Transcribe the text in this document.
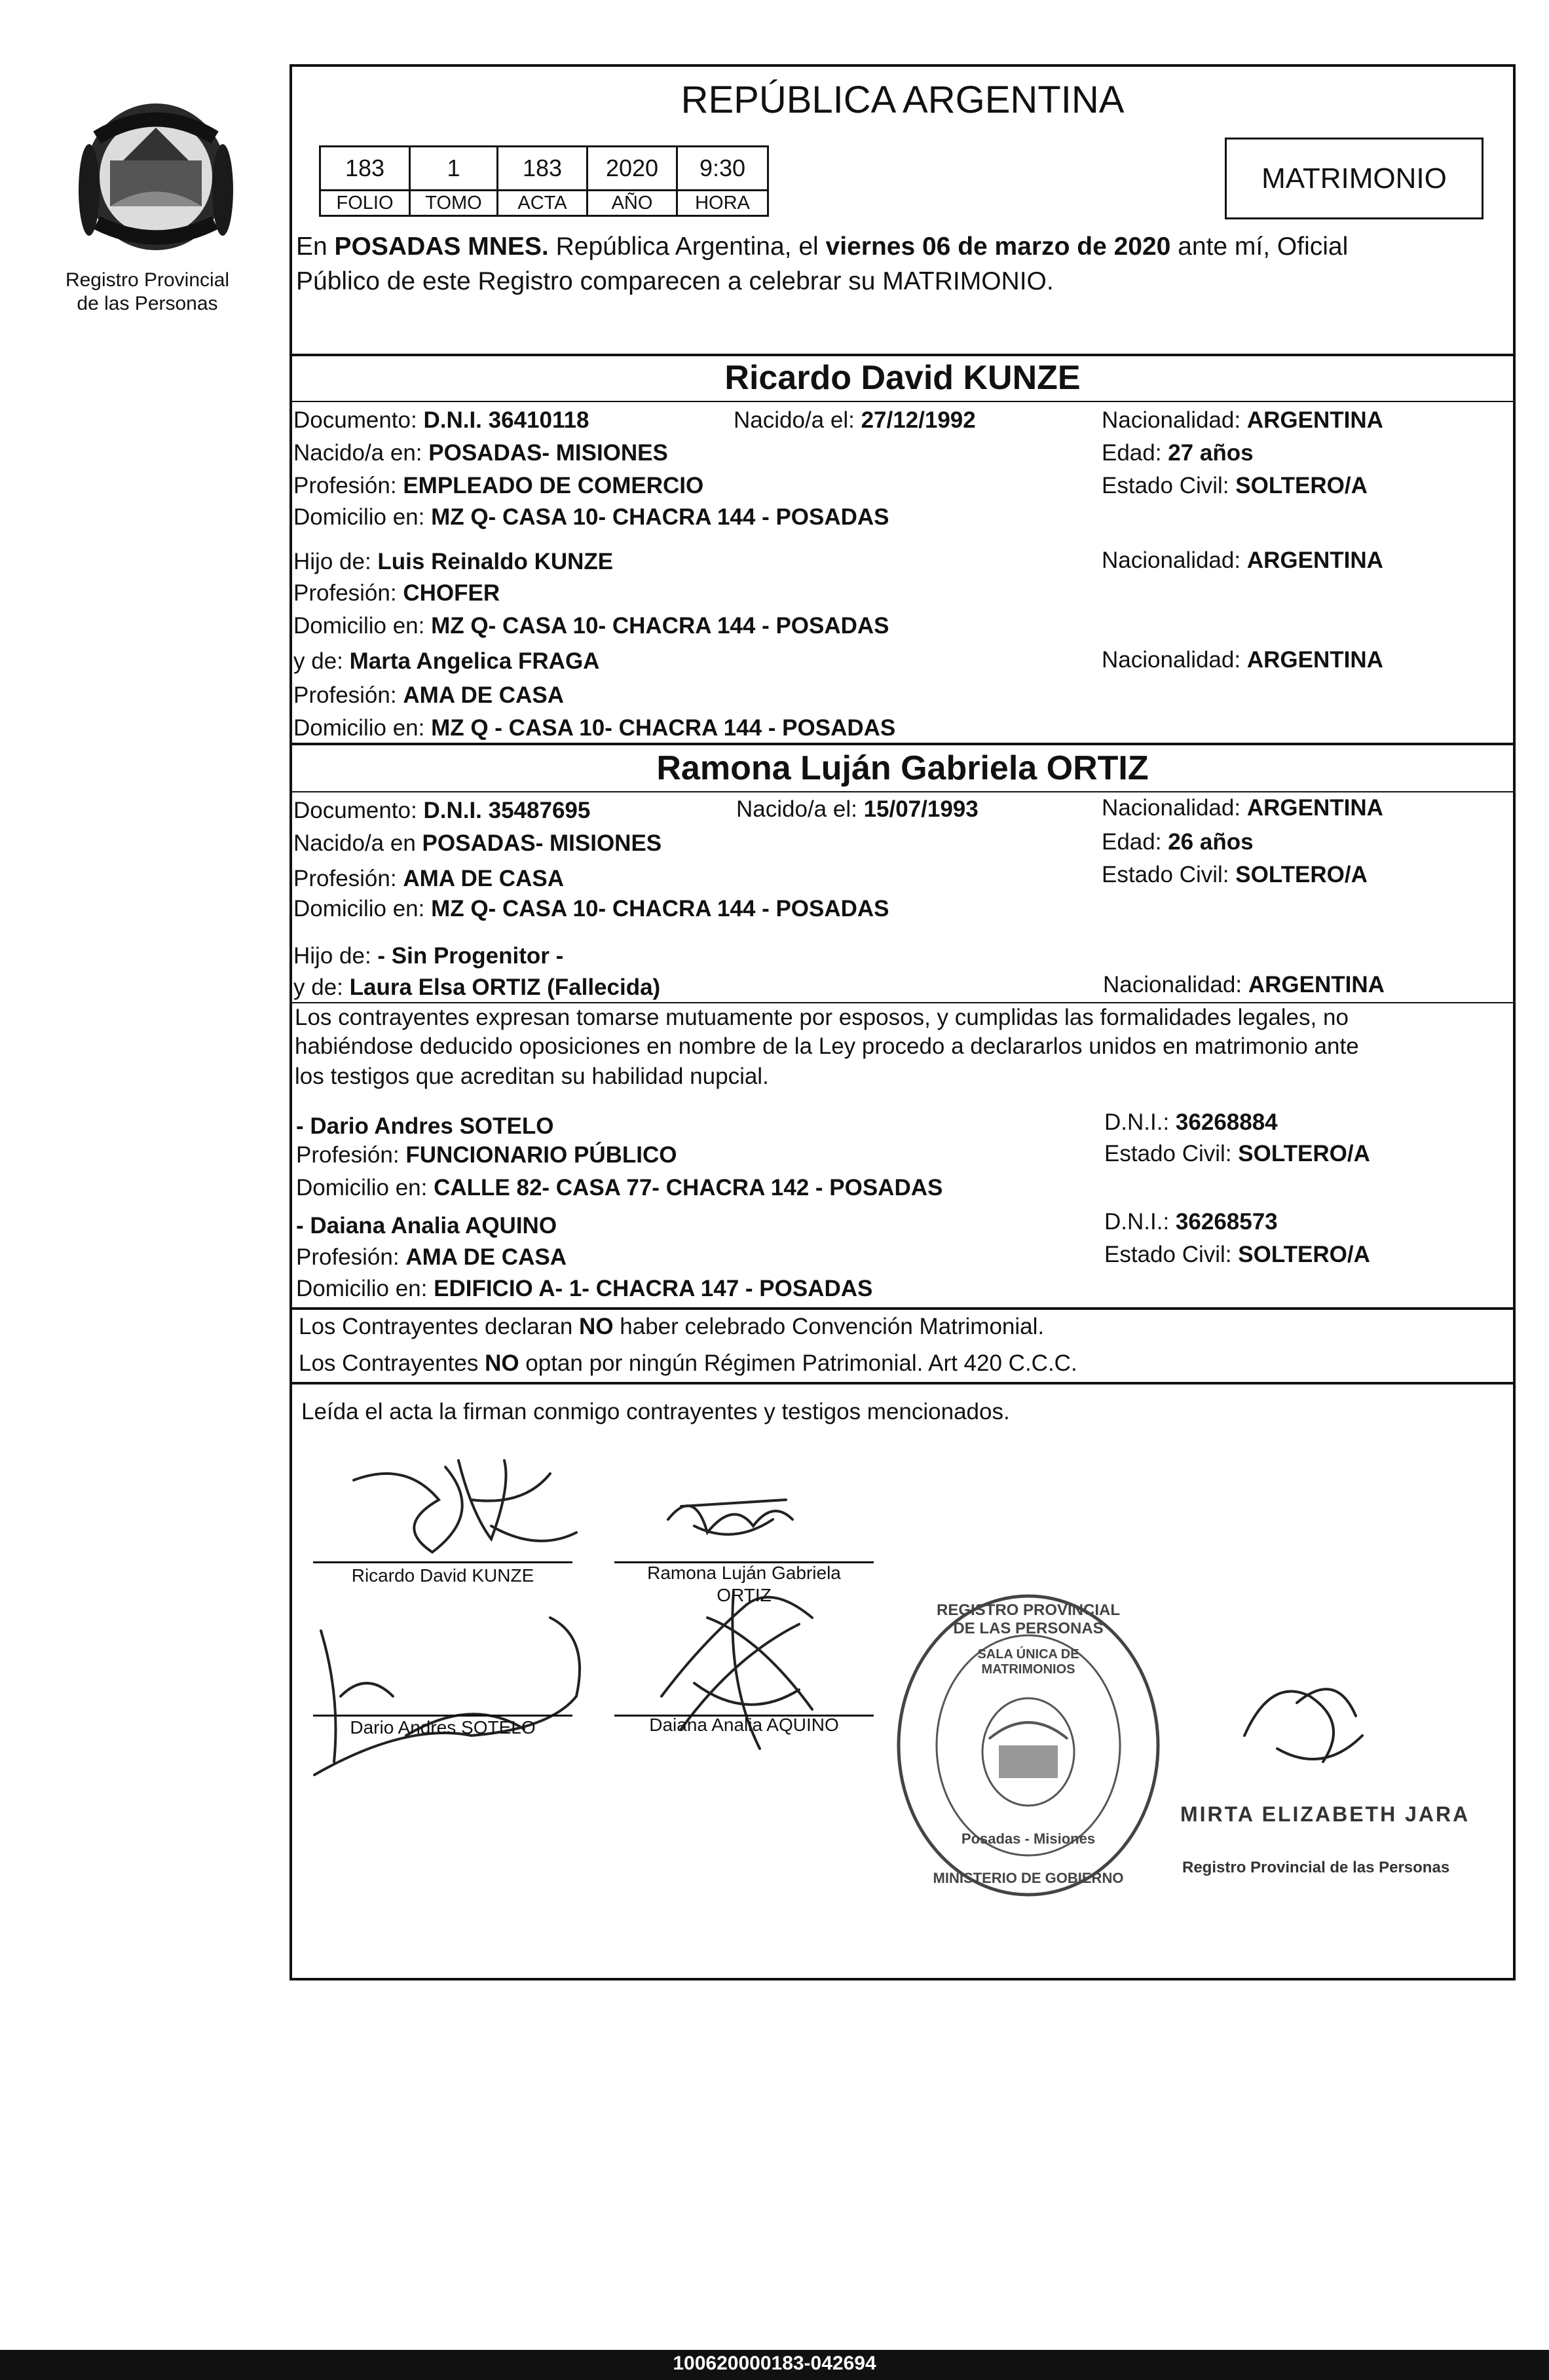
Registro Provincial
de las Personas
REPÚBLICA ARGENTINA
183	1	183	2020	9:30
FOLIO	TOMO	ACTA	AÑO	HORA
MATRIMONIO
En POSADAS MNES. República Argentina, el viernes 06 de marzo de 2020 ante mí, Oficial
Público de este Registro comparecen a celebrar su MATRIMONIO.
Ricardo David KUNZE
Documento: D.N.I. 36410118	Nacido/a el: 27/12/1992	Nacionalidad: ARGENTINA
Nacido/a en: POSADAS- MISIONES	Edad: 27 años
Profesión: EMPLEADO DE COMERCIO	Estado Civil: SOLTERO/A
Domicilio en: MZ Q- CASA 10- CHACRA 144 - POSADAS
Hijo de: Luis Reinaldo KUNZE	Nacionalidad: ARGENTINA
Profesión: CHOFER
Domicilio en: MZ Q- CASA 10- CHACRA 144 - POSADAS
y de: Marta Angelica FRAGA	Nacionalidad: ARGENTINA
Profesión: AMA DE CASA
Domicilio en: MZ Q - CASA 10- CHACRA 144 - POSADAS
Ramona Luján Gabriela ORTIZ
Documento: D.N.I. 35487695	Nacido/a el: 15/07/1993	Nacionalidad: ARGENTINA
Nacido/a en POSADAS- MISIONES	Edad: 26 años
Profesión: AMA DE CASA	Estado Civil: SOLTERO/A
Domicilio en: MZ Q- CASA 10- CHACRA 144 - POSADAS
Hijo de: - Sin Progenitor -
y de: Laura Elsa ORTIZ (Fallecida)	Nacionalidad: ARGENTINA
Los contrayentes expresan tomarse mutuamente por esposos, y cumplidas las formalidades legales, no
habiéndose deducido oposiciones en nombre de la Ley procedo a declararlos unidos en matrimonio ante
los testigos que acreditan su habilidad nupcial.
- Dario Andres SOTELO	D.N.I.: 36268884
Profesión: FUNCIONARIO PÚBLICO	Estado Civil: SOLTERO/A
Domicilio en: CALLE 82- CASA 77- CHACRA 142 - POSADAS
- Daiana Analia AQUINO	D.N.I.: 36268573
Profesión: AMA DE CASA	Estado Civil: SOLTERO/A
Domicilio en: EDIFICIO A- 1- CHACRA 147 - POSADAS
Los Contrayentes declaran NO haber celebrado Convención Matrimonial.
Los Contrayentes NO optan por ningún Régimen Patrimonial. Art 420 C.C.C.
Leída el acta la firman conmigo contrayentes y testigos mencionados.
Ricardo David KUNZE	Ramona Luján Gabriela
ORTIZ
Dario Andres SOTELO	Daiana Analia AQUINO
REGISTRO PROVINCIAL DE LAS PERSONAS
SALA ÚNICA DE MATRIMONIOS
Posadas - Misiones
MINISTERIO DE GOBIERNO
MIRTA ELIZABETH JARA
Registro Provincial de las Personas
100620000183-042694
